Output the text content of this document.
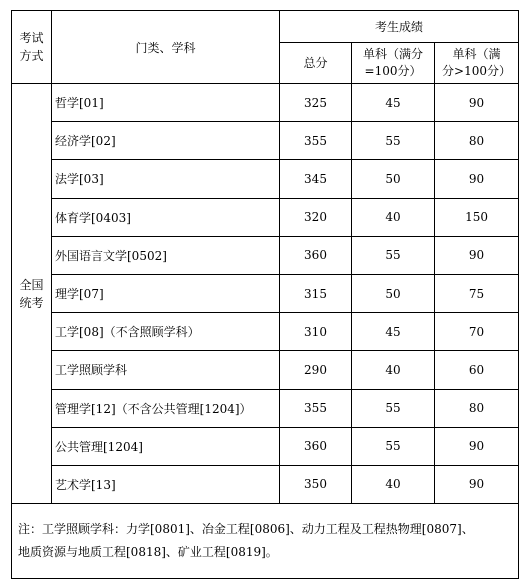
考试
方式	门类、学科	考生成绩		
		总分	单科（满分
=100分）	单科（满
分>100分）
全国
统考	哲学[01]	325	45	90
	经济学[02]	355	55	80
	法学[03]	345	50	90
	体育学[0403]	320	40	150
	外国语言文学[0502]	360	55	90
	理学[07]	315	50	75
	工学[08]（不含照顾学科）	310	45	70
	工学照顾学科	290	40	60
	管理学[12]（不含公共管理[1204]）	355	55	80
	公共管理[1204]	360	55	90
	艺术学[13]	350	40	90
注：工学照顾学科：力学[0801]、冶金工程[0806]、动力工程及工程热物理[0807]、
地质资源与地质工程[0818]、矿业工程[0819]。				
